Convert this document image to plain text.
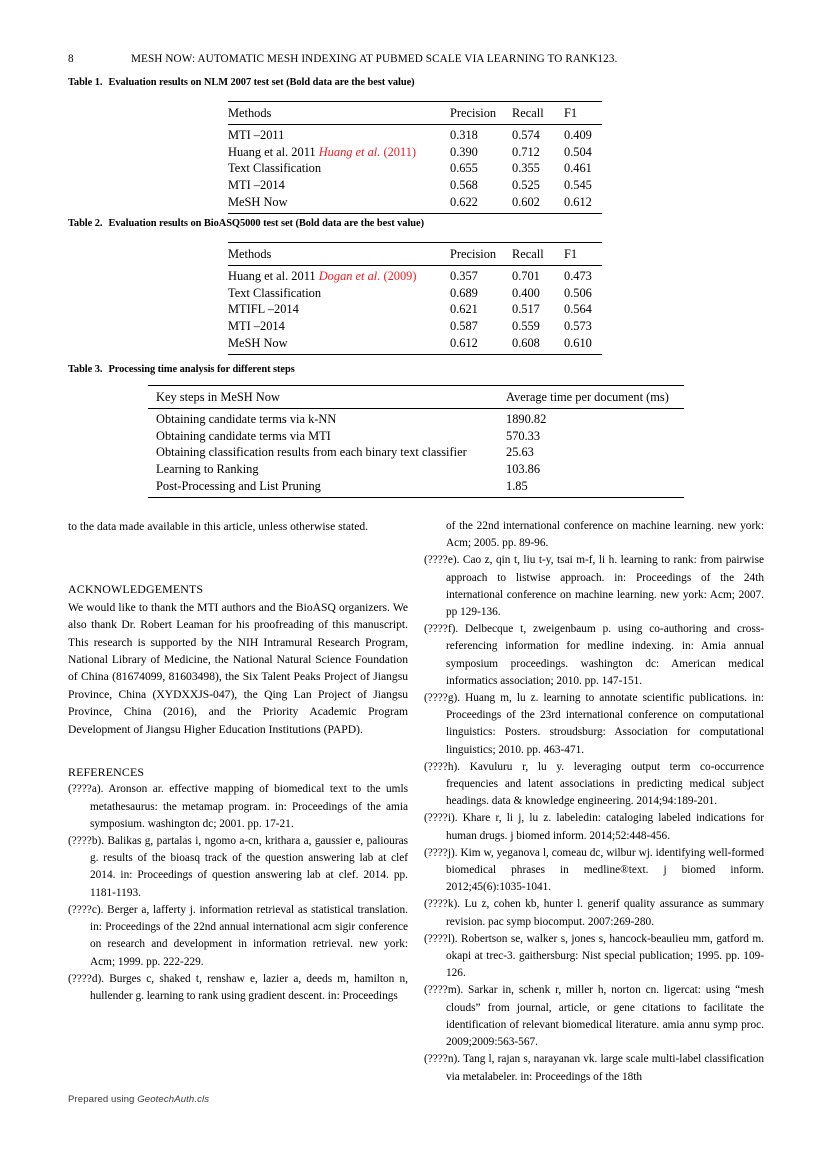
8	MESH NOW: AUTOMATIC MESH INDEXING AT PUBMED SCALE VIA LEARNING TO RANK123.
Table 1. Evaluation results on NLM 2007 test set (Bold data are the best value)
Methods	Precision	Recall	F1
MTI –2011	0.318	0.574	0.409
Huang et al. 2011 Huang et al. (2011)	0.390	0.712	0.504
Text Classification	0.655	0.355	0.461
MTI –2014	0.568	0.525	0.545
MeSH Now	0.622	0.602	0.612
Table 2. Evaluation results on BioASQ5000 test set (Bold data are the best value)
Methods	Precision	Recall	F1
Huang et al. 2011 Dogan et al. (2009)	0.357	0.701	0.473
Text Classification	0.689	0.400	0.506
MTIFL –2014	0.621	0.517	0.564
MTI –2014	0.587	0.559	0.573
MeSH Now	0.612	0.608	0.610
Table 3. Processing time analysis for different steps
Key steps in MeSH Now	Average time per document (ms)
Obtaining candidate terms via k-NN	1890.82
Obtaining candidate terms via MTI	570.33
Obtaining classification results from each binary text classifier	25.63
Learning to Ranking	103.86
Post-Processing and List Pruning	1.85

to the data made available in this article, unless otherwise stated.

ACKNOWLEDGEMENTS

We would like to thank the MTI authors and the BioASQ organizers. We also thank Dr. Robert Leaman for his proofreading of this manuscript. This research is supported by the NIH Intramural Research Program, National Library of Medicine, the National Natural Science Foundation of China (81674099, 81603498), the Six Talent Peaks Project of Jiangsu Province, China (XYDXXJS-047), the Qing Lan Project of Jiangsu Province, China (2016), and the Priority Academic Program Development of Jiangsu Higher Education Institutions (PAPD).

REFERENCES

(????a). Aronson ar. effective mapping of biomedical text to the umls metathesaurus: the metamap program. in: Proceedings of the amia symposium. washington dc; 2001. pp. 17-21.

(????b). Balikas g, partalas i, ngomo a-cn, krithara a, gaussier e, paliouras g. results of the bioasq track of the question answering lab at clef 2014. in: Proceedings of question answering lab at clef. 2014. pp. 1181-1193.

(????c). Berger a, lafferty j. information retrieval as statistical translation. in: Proceedings of the 22nd annual international acm sigir conference on research and development in information retrieval. new york: Acm; 1999. pp. 222-229.

(????d). Burges c, shaked t, renshaw e, lazier a, deeds m, hamilton n, hullender g. learning to rank using gradient descent. in: Proceedings

of the 22nd international conference on machine learning. new york: Acm; 2005. pp. 89-96.

(????e). Cao z, qin t, liu t-y, tsai m-f, li h. learning to rank: from pairwise approach to listwise approach. in: Proceedings of the 24th international conference on machine learning. new york: Acm; 2007. pp 129-136.

(????f). Delbecque t, zweigenbaum p. using co-authoring and cross-referencing information for medline indexing. in: Amia annual symposium proceedings. washington dc: American medical informatics association; 2010. pp. 147-151.

(????g). Huang m, lu z. learning to annotate scientific publications. in: Proceedings of the 23rd international conference on computational linguistics: Posters. stroudsburg: Association for computational linguistics; 2010. pp. 463-471.

(????h). Kavuluru r, lu y. leveraging output term co-occurrence frequencies and latent associations in predicting medical subject headings. data & knowledge engineering. 2014;94:189-201.

(????i). Khare r, li j, lu z. labeledin: cataloging labeled indications for human drugs. j biomed inform. 2014;52:448-456.

(????j). Kim w, yeganova l, comeau dc, wilbur wj. identifying well-formed biomedical phrases in medline®text. j biomed inform. 2012;45(6):1035-1041.

(????k). Lu z, cohen kb, hunter l. generif quality assurance as summary revision. pac symp biocomput. 2007:269-280.

(????l). Robertson se, walker s, jones s, hancock-beaulieu mm, gatford m. okapi at trec-3. gaithersburg: Nist special publication; 1995. pp. 109-126.

(????m). Sarkar in, schenk r, miller h, norton cn. ligercat: using “mesh clouds” from journal, article, or gene citations to facilitate the identification of relevant biomedical literature. amia annu symp proc. 2009;2009:563-567.

(????n). Tang l, rajan s, narayanan vk. large scale multi-label classification via metalabeler. in: Proceedings of the 18th

Prepared using GeotechAuth.cls
